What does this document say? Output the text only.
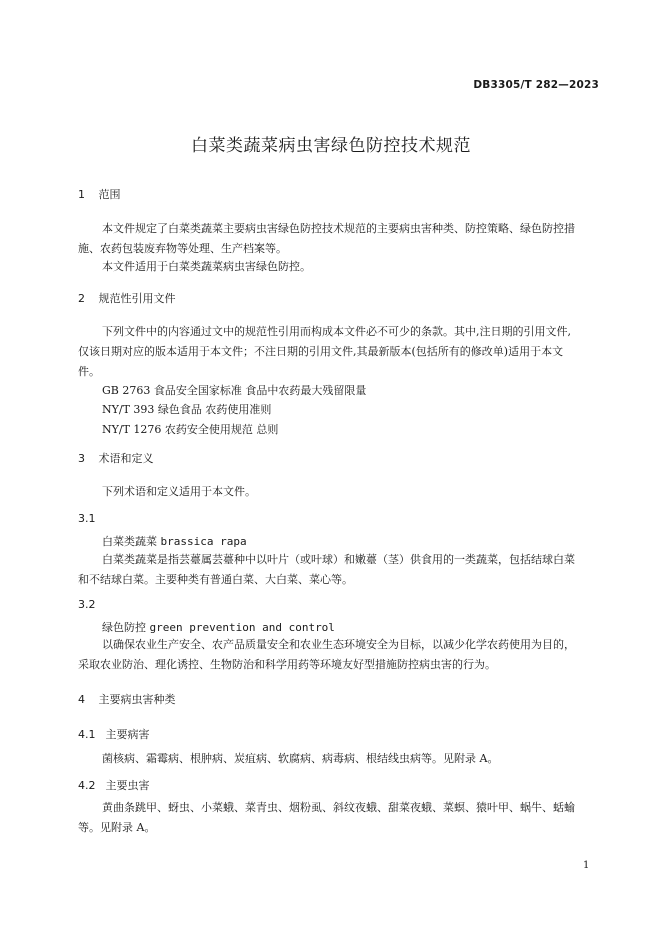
DB3305/T 282—2023
白菜类蔬菜病虫害绿色防控技术规范
1 范围
本文件规定了白菜类蔬菜主要病虫害绿色防控技术规范的主要病虫害种类、防控策略、绿色防控措
施、农药包装废弃物等处理、生产档案等。
本文件适用于白菜类蔬菜病虫害绿色防控。
2 规范性引用文件
下列文件中的内容通过文中的规范性引用而构成本文件必不可少的条款。其中,注日期的引用文件,
仅该日期对应的版本适用于本文件；不注日期的引用文件,其最新版本(包括所有的修改单)适用于本文
件。
GB 2763 食品安全国家标准 食品中农药最大残留限量
NY/T 393 绿色食品 农药使用准则
NY/T 1276 农药安全使用规范 总则
3 术语和定义
下列术语和定义适用于本文件。
3.1
白菜类蔬菜 brassica rapa
白菜类蔬菜是指芸薹属芸薹种中以叶片（或叶球）和嫩薹（茎）供食用的一类蔬菜，包括结球白菜
和不结球白菜。主要种类有普通白菜、大白菜、菜心等。
3.2
绿色防控 green prevention and control
以确保农业生产安全、农产品质量安全和农业生态环境安全为目标，以减少化学农药使用为目的，
采取农业防治、理化诱控、生物防治和科学用药等环境友好型措施防控病虫害的行为。
4 主要病虫害种类
4.1 主要病害
菌核病、霜霉病、根肿病、炭疽病、软腐病、病毒病、根结线虫病等。见附录 A。
4.2 主要虫害
黄曲条跳甲、蚜虫、小菜蛾、菜青虫、烟粉虱、斜纹夜蛾、甜菜夜蛾、菜螟、猿叶甲、蜗牛、蛞蝓
等。见附录 A。
1
